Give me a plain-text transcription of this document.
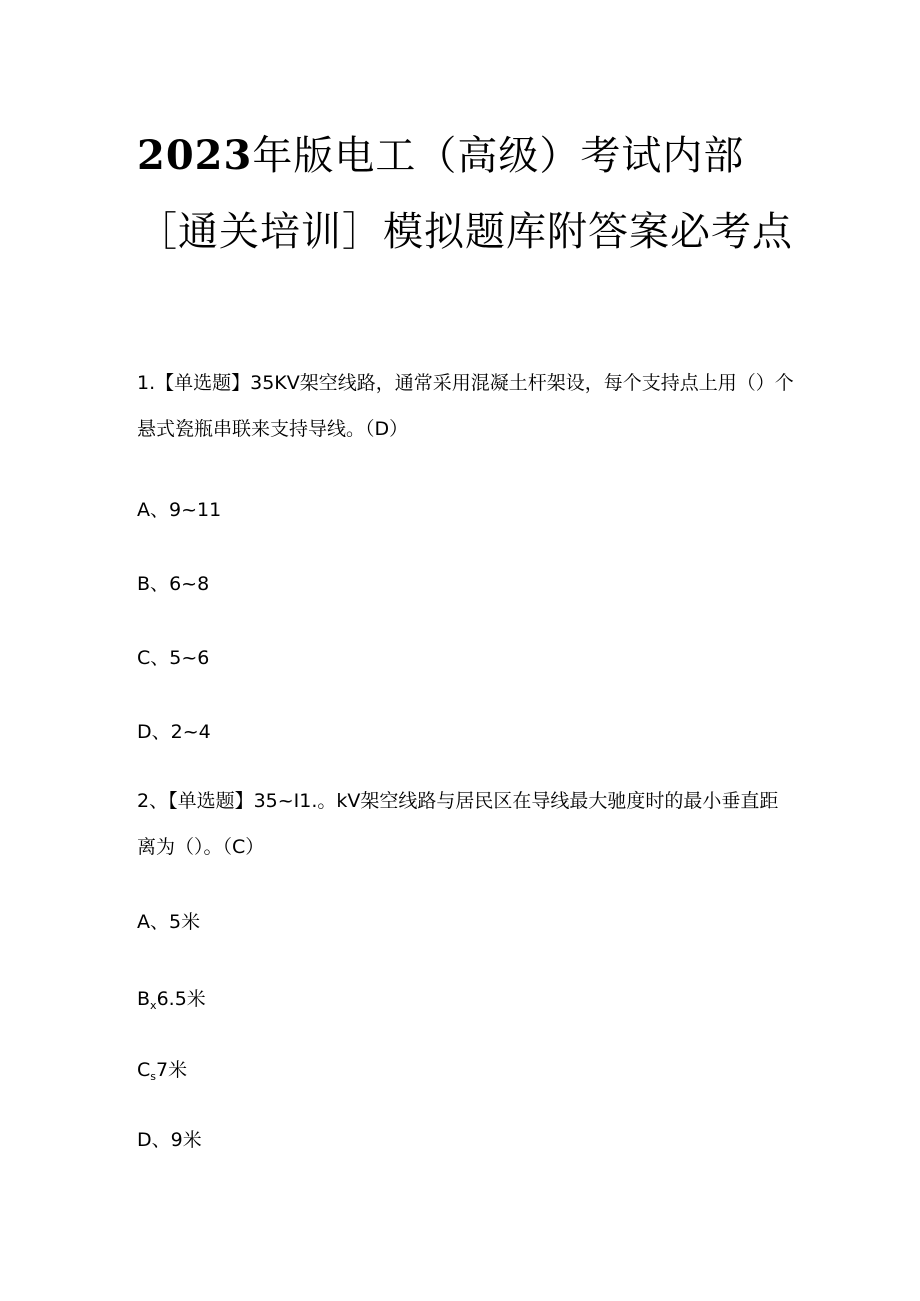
2023年版电工（高级）考试内部［通关培训］模拟题库附答案必考点

1.【单选题】35KV架空线路，通常采用混凝土杆架设，每个支持点上用（）个悬式瓷瓶串联来支持导线。（D）

A、9~11

B、6~8

C、5~6

D、2~4

2、【单选题】35~I1.。kV架空线路与居民区在导线最大驰度时的最小垂直距离为（）。（C）

A、5米

$B_x6.5$米

$C_s7$米

D、9米
